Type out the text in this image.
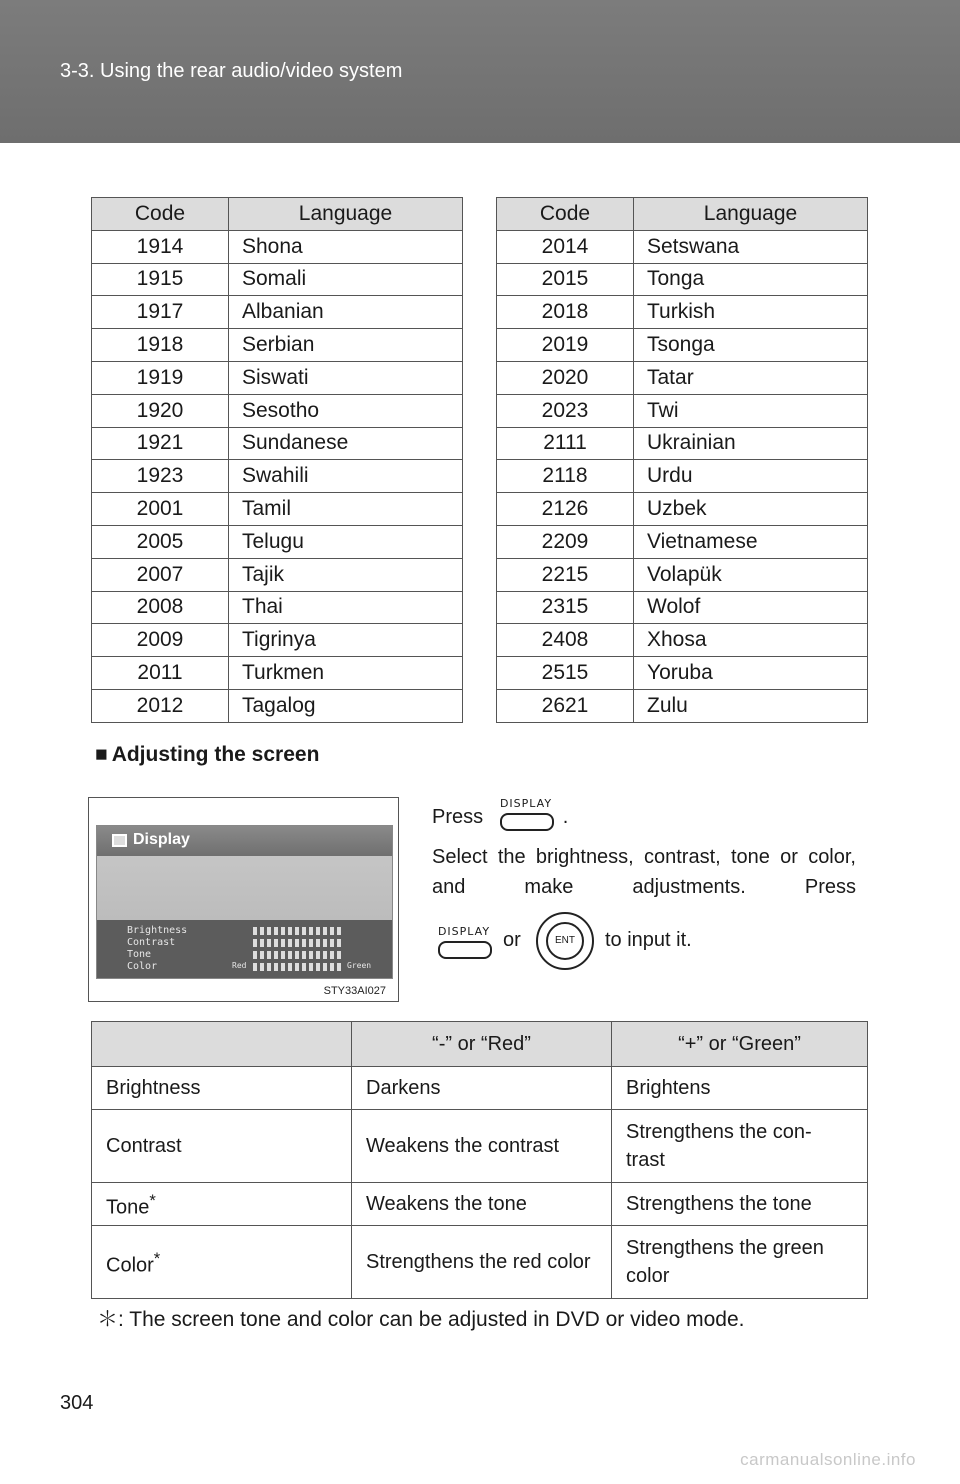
3-3. Using the rear audio/video system
Code	Language
1914	Shona
1915	Somali
1917	Albanian
1918	Serbian
1919	Siswati
1920	Sesotho
1921	Sundanese
1923	Swahili
2001	Tamil
2005	Telugu
2007	Tajik
2008	Thai
2009	Tigrinya
2011	Turkmen
2012	Tagalog
Code	Language
2014	Setswana
2015	Tonga
2018	Turkish
2019	Tsonga
2020	Tatar
2023	Twi
2111	Ukrainian
2118	Urdu
2126	Uzbek
2209	Vietnamese
2215	Volapük
2315	Wolof
2408	Xhosa
2515	Yoruba
2621	Zulu
■ Adjusting the screen
Display
Brightness
Contrast
Tone
Color	Red	Green
STY33AI027
Press	.
DISPLAY
Select the brightness, contrast, tone or color, and make adjustments. Press
DISPLAY or	ENT	to input it.
	“-” or “Red”	“+” or “Green”
Brightness	Darkens	Brightens
Contrast	Weakens the contrast	Strengthens the con- trast
Tone*	Weakens the tone	Strengthens the tone
Color*	Strengthens the red color	Strengthens the green color
＊: The screen tone and color can be adjusted in DVD or video mode.
304
carmanualsonline.info
